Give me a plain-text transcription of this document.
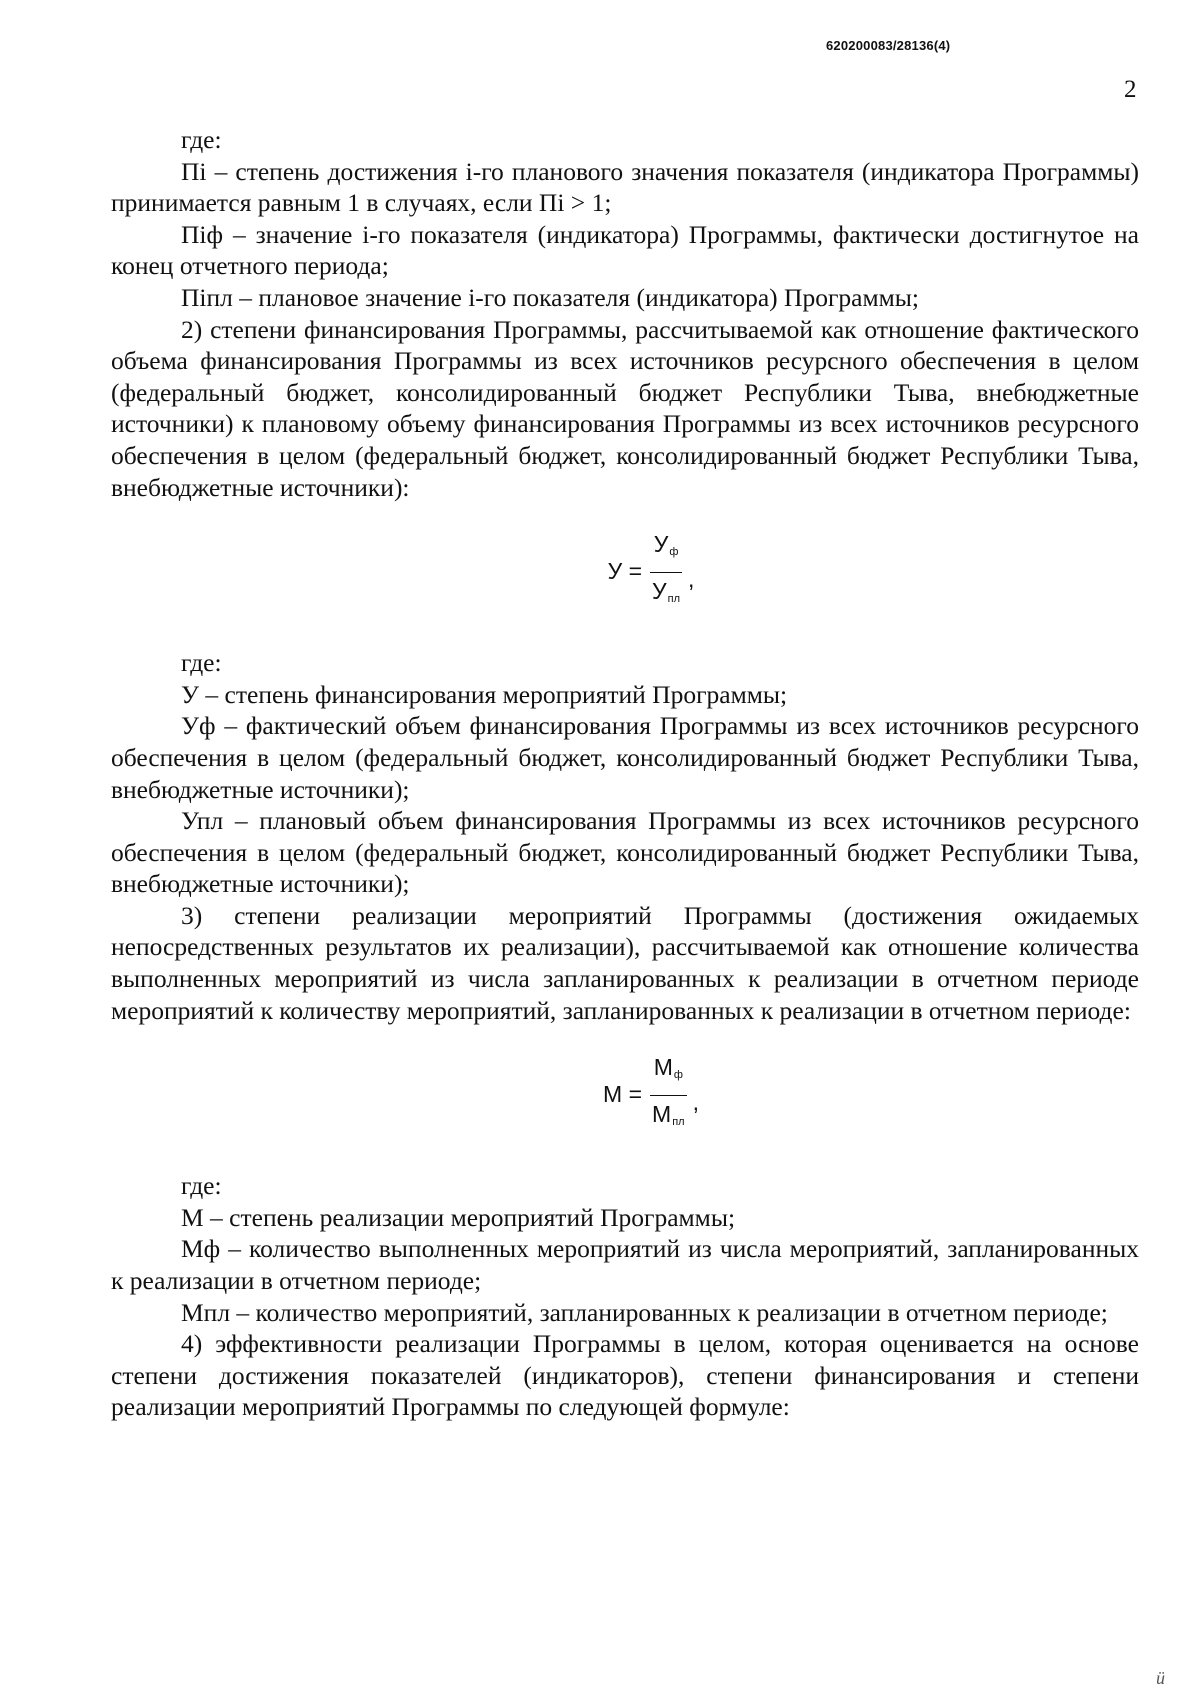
620200083/28136(4)
2

где:

Пi – степень достижения i-го планового значения показателя (индикатора Программы) принимается равным 1 в случаях, если Пi > 1;

Пiф – значение i-го показателя (индикатора) Программы, фактически достигнутое на конец отчетного периода;

Пiпл – плановое значение i-го показателя (индикатора) Программы;

2) степени финансирования Программы, рассчитываемой как отношение фактического объема финансирования Программы из всех источников ресурсного обеспечения в целом (федеральный бюджет, консолидированный бюджет Республики Тыва, внебюджетные источники) к плановому объему финансирования Программы из всех источников ресурсного обеспечения в целом (федеральный бюджет, консолидированный бюджет Республики Тыва, внебюджетные источники):

$У = \frac{У_ф}{У_{пл}}$ ,

где:

У – степень финансирования мероприятий Программы;

Уф – фактический объем финансирования Программы из всех источников ресурсного обеспечения в целом (федеральный бюджет, консолидированный бюджет Республики Тыва, внебюджетные источники);

Упл – плановый объем финансирования Программы из всех источников ресурсного обеспечения в целом (федеральный бюджет, консолидированный бюджет Республики Тыва, внебюджетные источники);

3) степени реализации мероприятий Программы (достижения ожидаемых непосредственных результатов их реализации), рассчитываемой как отношение количества выполненных мероприятий из числа запланированных к реализации в отчетном периоде мероприятий к количеству мероприятий, запланированных к реализации в отчетном периоде:

$М = \frac{М_ф}{М_{пл}}$ ,

где:

М – степень реализации мероприятий Программы;

Мф – количество выполненных мероприятий из числа мероприятий, запланированных к реализации в отчетном периоде;

Мпл – количество мероприятий, запланированных к реализации в отчетном периоде;

4) эффективности реализации Программы в целом, которая оценивается на основе степени достижения показателей (индикаторов), степени финансирования и степени реализации мероприятий Программы по следующей формуле:

ü
